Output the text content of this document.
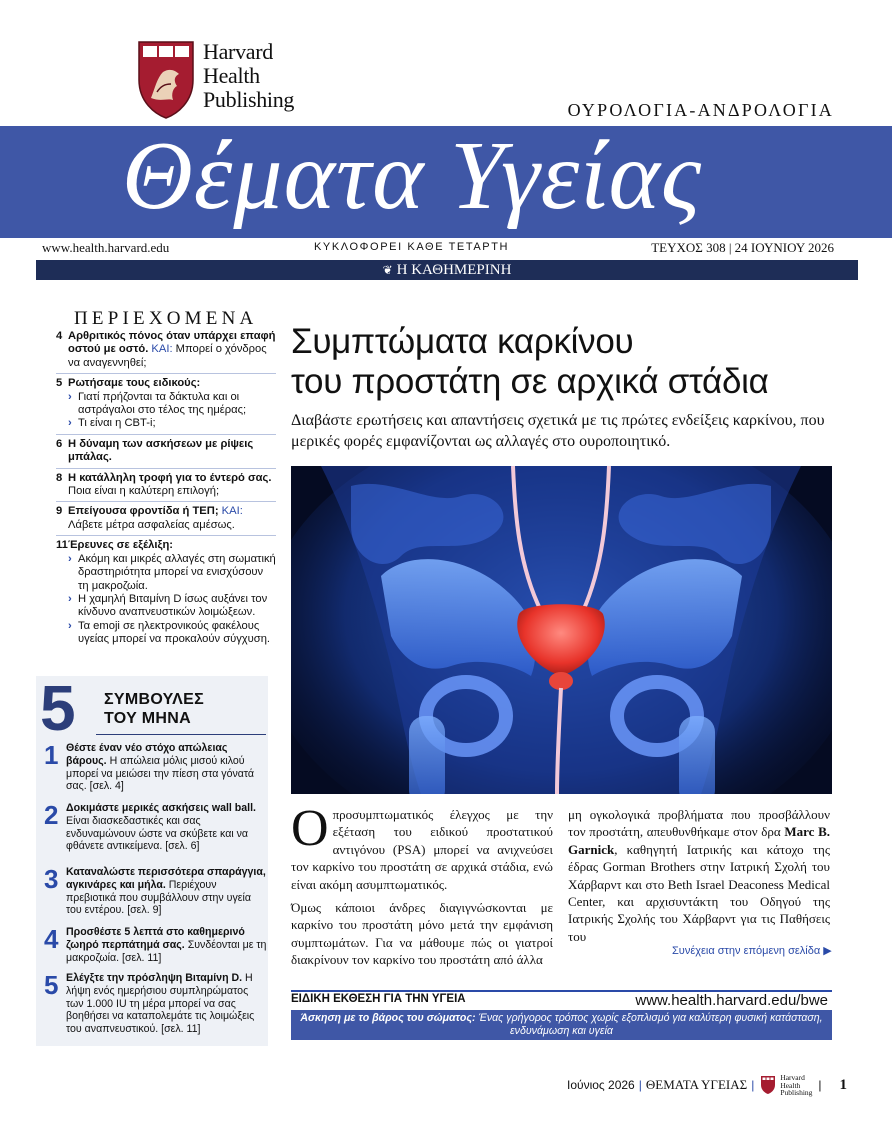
Harvard
Health
Publishing	ΟΥΡΟΛΟΓΙΑ-ΑΝΔΡΟΛΟΓΙΑ
Θέματα Υγείας
www.health.harvard.edu	ΚΥΚΛΟΦΟΡΕΙ ΚΑΘΕ ΤΕΤΑΡΤΗ	ΤΕΥΧΟΣ 308 | 24 ΙΟΥΝΙΟΥ 2026
❦ Η ΚΑΘΗΜΕΡΙΝΗ
ΠΕΡΙΕΧΟΜΕΝΑ
4 Αρθριτικός πόνος όταν υπάρχει επαφή οστού με οστό. ΚΑΙ: Μπορεί ο χόνδρος να αναγεννηθεί;
5 Ρωτήσαμε τους ειδικούς:
› Γιατί πρήζονται τα δάκτυλα και οι αστράγαλοι στο τέλος της ημέρας;
› Τι είναι η CBT-i;
6 Η δύναμη των ασκήσεων με ρίψεις μπάλας.
8 Η κατάλληλη τροφή για το έντερό σας. Ποια είναι η καλύτερη επιλογή;
9 Επείγουσα φροντίδα ή ΤΕΠ; ΚΑΙ: Λάβετε μέτρα ασφαλείας αμέσως.
11 Έρευνες σε εξέλιξη:
› Ακόμη και μικρές αλλαγές στη σωματική δραστηριότητα μπορεί να ενισχύσουν τη μακροζωία.
› Η χαμηλή Βιταμίνη D ίσως αυξάνει τον κίνδυνο αναπνευστικών λοιμώξεων.
› Τα emoji σε ηλεκτρονικούς φακέλους υγείας μπορεί να προκαλούν σύγχυση.
5 ΣΥΜΒΟΥΛΕΣ
ΤΟΥ ΜΗΝΑ
1 Θέστε έναν νέο στόχο απώλειας βάρους. Η απώλεια μόλις μισού κιλού μπορεί να μειώσει την πίεση στα γόνατά σας. [σελ. 4]
2 Δοκιμάστε μερικές ασκήσεις wall ball. Είναι διασκεδαστικές και σας ενδυναμώνουν ώστε να σκύβετε και να φθάνετε αντικείμενα. [σελ. 6]
3 Καταναλώστε περισσότερα σπαράγγια, αγκινάρες και μήλα. Περιέχουν πρεβιοτικά που συμβάλλουν στην υγεία του εντέρου. [σελ. 9]
4 Προσθέστε 5 λεπτά στο καθημερινό ζωηρό περπάτημά σας. Συνδέονται με τη μακροζωία. [σελ. 11]
5 Ελέγξτε την πρόσληψη Βιταμίνη D. Η λήψη ενός ημερήσιου συμπληρώματος των 1.000 IU τη μέρα μπορεί να σας βοηθήσει να καταπολεμάτε τις λοιμώξεις του αναπνευστικού. [σελ. 11]
Συμπτώματα καρκίνου
του προστάτη σε αρχικά στάδια
Διαβάστε ερωτήσεις και απαντήσεις σχετικά με τις πρώτες ενδείξεις καρκίνου, που μερικές φορές εμφανίζονται ως αλλαγές στο ουροποιητικό.

Οπροσυμπτωματικός έλεγχος με την εξέταση του ειδικού προστατικού αντιγόνου (PSA) μπορεί να ανιχνεύσει τον καρκίνο του προστάτη σε αρχικά στάδια, ενώ είναι ακόμη ασυμπτωματικός.

Όμως κάποιοι άνδρες διαγιγνώσκονται με καρκίνο του προστάτη μόνο μετά την εμφάνιση συμπτωμάτων. Για να μάθουμε πώς οι γιατροί διακρίνουν τον καρκίνο του προστάτη από άλλα

μη ογκολογικά προβλήματα που προσβάλλουν τον προστάτη, απευθυνθήκαμε στον δρα Marc B. Garnick, καθηγητή Ιατρικής και κάτοχο της έδρας Gorman Brothers στην Ιατρική Σχολή του Χάρβαρντ και στο Beth Israel Deaconess Medical Center, και αρχισυντάκτη του Οδηγού της Ιατρικής Σχολής του Χάρβαρντ για τις Παθήσεις του

Συνέχεια στην επόμενη σελίδα ▶
ΕΙΔΙΚΗ ΕΚΘΕΣΗ ΓΙΑ ΤΗΝ ΥΓΕΙΑ	www.health.harvard.edu/bwe
Άσκηση με το βάρος του σώματος: Ένας γρήγορος τρόπος χωρίς εξοπλισμό για καλύτερη φυσική κατάσταση, ενδυνάμωση και υγεία
Ιούνιος 2026 | ΘΕΜΑΤΑ ΥΓΕΙΑΣ |
Harvard
Health
Publishing
| 1
